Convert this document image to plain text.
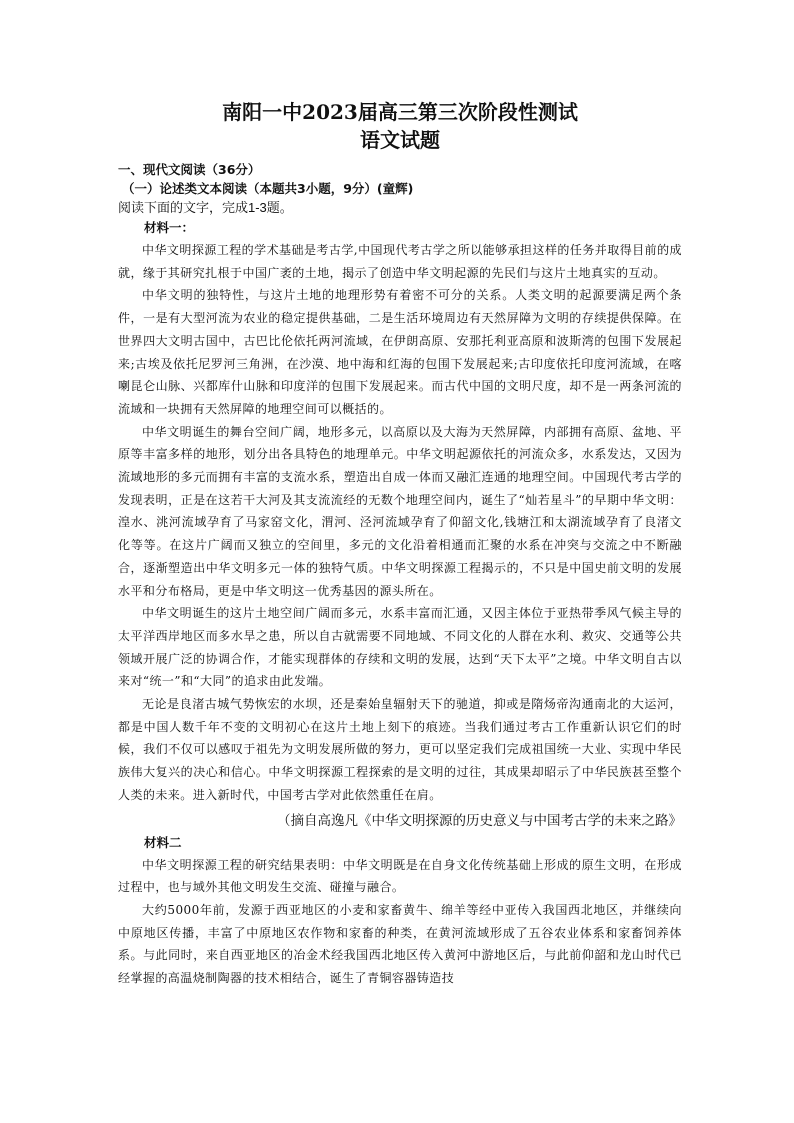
南阳一中2023届高三第三次阶段性测试

语文试题

一、现代文阅读（36分）

（一）论述类文本阅读（本题共3小题，9分）(童辉)

阅读下面的文字，完成1-3题。

材料一：

中华文明探源工程的学术基础是考古学,中国现代考古学之所以能够承担这样的任务并取得目前的成就，缘于其研究扎根于中国广袤的土地，揭示了创造中华文明起源的先民们与这片土地真实的互动。

中华文明的独特性，与这片土地的地理形势有着密不可分的关系。人类文明的起源要满足两个条件，一是有大型河流为农业的稳定提供基础，二是生活环境周边有天然屏障为文明的存续提供保障。在世界四大文明古国中，古巴比伦依托两河流域，在伊朗高原、安那托利亚高原和波斯湾的包围下发展起来;古埃及依托尼罗河三角洲，在沙漠、地中海和红海的包围下发展起来;古印度依托印度河流域，在喀喇昆仑山脉、兴都库什山脉和印度洋的包围下发展起来。而古代中国的文明尺度，却不是一两条河流的流域和一块拥有天然屏障的地理空间可以概括的。

中华文明诞生的舞台空间广阔，地形多元，以高原以及大海为天然屏障，内部拥有高原、盆地、平原等丰富多样的地形，划分出各具特色的地理单元。中华文明起源依托的河流众多，水系发达，又因为流域地形的多元而拥有丰富的支流水系，塑造出自成一体而又融汇连通的地理空间。中国现代考古学的发现表明，正是在这若干大河及其支流流经的无数个地理空间内，诞生了“灿若星斗”的早期中华文明：湟水、洮河流域孕育了马家窑文化，渭河、泾河流域孕育了仰韶文化,钱塘江和太湖流域孕育了良渚文化等等。在这片广阔而又独立的空间里，多元的文化沿着相通而汇聚的水系在冲突与交流之中不断融合，逐渐塑造出中华文明多元一体的独特气质。中华文明探源工程揭示的，不只是中国史前文明的发展水平和分布格局，更是中华文明这一优秀基因的源头所在。

中华文明诞生的这片土地空间广阔而多元，水系丰富而汇通，又因主体位于亚热带季风气候主导的太平洋西岸地区而多水旱之患，所以自古就需要不同地域、不同文化的人群在水利、救灾、交通等公共领域开展广泛的协调合作，才能实现群体的存续和文明的发展，达到“天下太平”之境。中华文明自古以来对“统一”和“大同”的追求由此发端。

无论是良渚古城气势恢宏的水坝，还是秦始皇辐射天下的驰道，抑或是隋炀帝沟通南北的大运河，都是中国人数千年不变的文明初心在这片土地上刻下的痕迹。当我们通过考古工作重新认识它们的时候，我们不仅可以感叹于祖先为文明发展所做的努力，更可以坚定我们完成祖国统一大业、实现中华民族伟大复兴的决心和信心。中华文明探源工程探索的是文明的过往，其成果却昭示了中华民族甚至整个人类的未来。进入新时代，中国考古学对此依然重任在肩。

（摘自高逸凡《中华文明探源的历史意义与中国考古学的未来之路》

材料二

中华文明探源工程的研究结果表明：中华文明既是在自身文化传统基础上形成的原生文明，在形成过程中，也与域外其他文明发生交流、碰撞与融合。

大约5000年前，发源于西亚地区的小麦和家畜黄牛、绵羊等经中亚传入我国西北地区，并继续向中原地区传播，丰富了中原地区农作物和家畜的种类，在黄河流域形成了五谷农业体系和家畜饲养体系。与此同时，来自西亚地区的冶金术经我国西北地区传入黄河中游地区后，与此前仰韶和龙山时代已经掌握的高温烧制陶器的技术相结合，诞生了青铜容器铸造技
